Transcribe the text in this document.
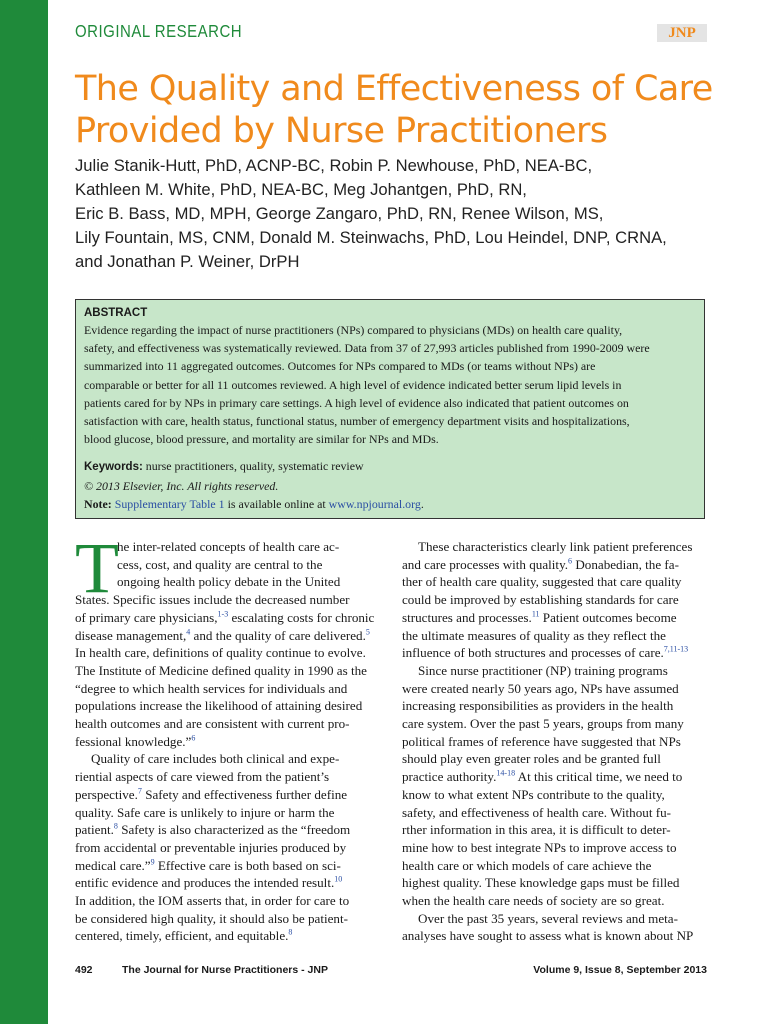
ORIGINAL RESEARCH	JNP
The Quality and Effectiveness of Care
Provided by Nurse Practitioners
Julie Stanik-Hutt, PhD, ACNP-BC, Robin P. Newhouse, PhD, NEA-BC,
Kathleen M. White, PhD, NEA-BC, Meg Johantgen, PhD, RN,
Eric B. Bass, MD, MPH, George Zangaro, PhD, RN, Renee Wilson, MS,
Lily Fountain, MS, CNM, Donald M. Steinwachs, PhD, Lou Heindel, DNP, CRNA,
and Jonathan P. Weiner, DrPH
ABSTRACT
Evidence regarding the impact of nurse practitioners (NPs) compared to physicians (MDs) on health care quality,
safety, and effectiveness was systematically reviewed. Data from 37 of 27,993 articles published from 1990-2009 were
summarized into 11 aggregated outcomes. Outcomes for NPs compared to MDs (or teams without NPs) are
comparable or better for all 11 outcomes reviewed. A high level of evidence indicated better serum lipid levels in
patients cared for by NPs in primary care settings. A high level of evidence also indicated that patient outcomes on
satisfaction with care, health status, functional status, number of emergency department visits and hospitalizations,
blood glucose, blood pressure, and mortality are similar for NPs and MDs.
Keywords: nurse practitioners, quality, systematic review
© 2013 Elsevier, Inc. All rights reserved.
Note: Supplementary Table 1 is available online at www.npjournal.org.
T
he inter-related concepts of health care ac-
cess, cost, and quality are central to the
ongoing health policy debate in the United
States. Specific issues include the decreased number
of primary care physicians,$^{1-3}$ escalating costs for chronic
disease management,$^4$ and the quality of care delivered.$^5$
In health care, definitions of quality continue to evolve.
The Institute of Medicine defined quality in 1990 as the
“degree to which health services for individuals and
populations increase the likelihood of attaining desired
health outcomes and are consistent with current pro-
fessional knowledge.”$^6$
Quality of care includes both clinical and expe-
riential aspects of care viewed from the patient’s
perspective.$^7$ Safety and effectiveness further define
quality. Safe care is unlikely to injure or harm the
patient.$^8$ Safety is also characterized as the “freedom
from accidental or preventable injuries produced by
medical care.”$^9$ Effective care is both based on sci-
entific evidence and produces the intended result.$^{10}$
In addition, the IOM asserts that, in order for care to
be considered high quality, it should also be patient-
centered, timely, efficient, and equitable.$^8$
These characteristics clearly link patient preferences
and care processes with quality.$^6$ Donabedian, the fa-
ther of health care quality, suggested that care quality
could be improved by establishing standards for care
structures and processes.$^{11}$ Patient outcomes become
the ultimate measures of quality as they reflect the
influence of both structures and processes of care.$^{7,11-13}$
Since nurse practitioner (NP) training programs
were created nearly 50 years ago, NPs have assumed
increasing responsibilities as providers in the health
care system. Over the past 5 years, groups from many
political frames of reference have suggested that NPs
should play even greater roles and be granted full
practice authority.$^{14-18}$ At this critical time, we need to
know to what extent NPs contribute to the quality,
safety, and effectiveness of health care. Without fu-
rther information in this area, it is difficult to deter-
mine how to best integrate NPs to improve access to
health care or which models of care achieve the
highest quality. These knowledge gaps must be filled
when the health care needs of society are so great.
Over the past 35 years, several reviews and meta-
analyses have sought to assess what is known about NP
492	The Journal for Nurse Practitioners - JNP	Volume 9, Issue 8, September 2013
